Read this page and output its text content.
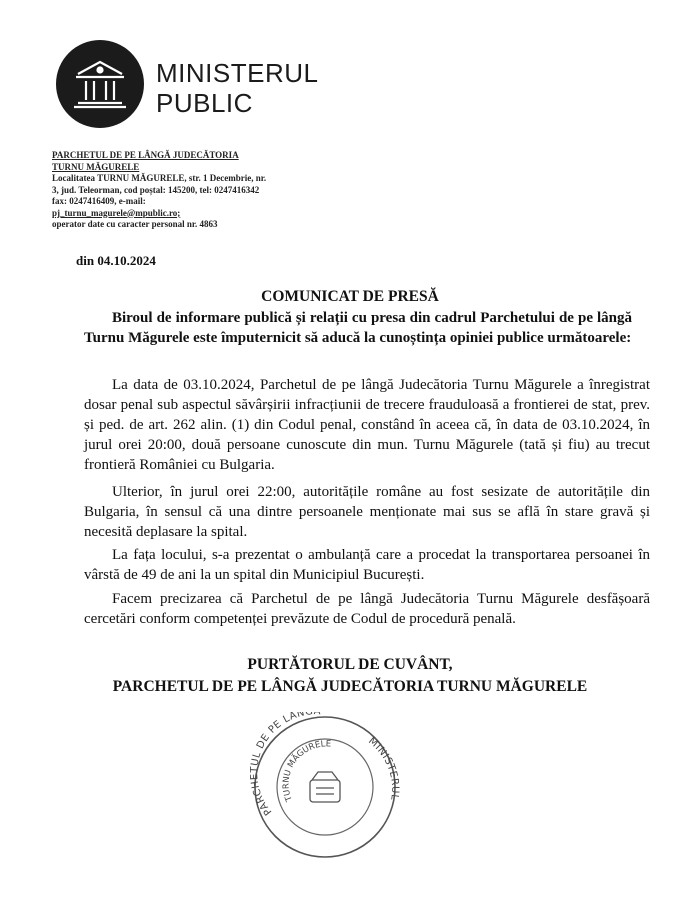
MINISTERUL
PUBLIC
PARCHETUL DE PE LÂNGĂ JUDECĂTORIA
TURNU MĂGURELE
Localitatea TURNU MĂGURELE, str. 1 Decembrie, nr.
3, jud. Teleorman, cod poștal: 145200, tel: 0247416342
fax: 0247416409, e-mail:
pj_turnu_magurele@mpublic.ro;
operator date cu caracter personal nr. 4863
din 04.10.2024
COMUNICAT DE PRESĂ
Biroul de informare publică și relații cu presa din cadrul Parchetului de pe lângă Turnu Măgurele este împuternicit să aducă la cunoștința opiniei publice următoarele:
La data de 03.10.2024, Parchetul de pe lângă Judecătoria Turnu Măgurele a înregistrat dosar penal sub aspectul săvârșirii infracțiunii de trecere frauduloasă a frontierei de stat, prev. și ped. de art. 262 alin. (1) din Codul penal, constând în aceea că, în data de 03.10.2024, în jurul orei 20:00, două persoane cunoscute din mun. Turnu Măgurele (tată și fiu) au trecut frontieră României cu Bulgaria.
Ulterior, în jurul orei 22:00, autoritățile române au fost sesizate de autoritățile din Bulgaria, în sensul că una dintre persoanele menționate mai sus se află în stare gravă și necesită deplasare la spital.
La fața locului, s-a prezentat o ambulanță care a procedat la transportarea persoanei în vârstă de 49 de ani la un spital din Municipiul București.
Facem precizarea că Parchetul de pe lângă Judecătoria Turnu Măgurele desfășoară cercetări conform competenței prevăzute de Codul de procedură penală.
PURTĂTORUL DE CUVÂNT,
PARCHETUL DE PE LÂNGĂ JUDECĂTORIA TURNU MĂGURELE
PARCHETUL DE PE LÂNG
MINISTERUL
TURNU MĂGURELE
